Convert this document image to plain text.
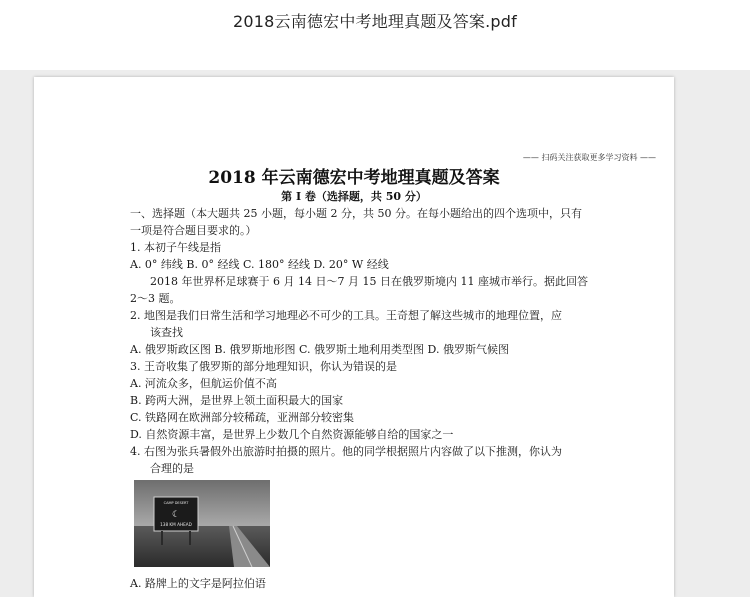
2018云南德宏中考地理真题及答案.pdf
—— 扫码关注获取更多学习资料 ——
2018 年云南德宏中考地理真题及答案
第 I 卷（选择题，共 50 分）
一、选择题（本大题共 25 小题，每小题 2 分，共 50 分。在每小题给出的四个选项中，只有
一项是符合题目要求的。）
1. 本初子午线是指
A. 0° 纬线 B. 0° 经线 C. 180° 经线 D. 20° W 经线
2018 年世界杯足球赛于 6 月 14 日～7 月 15 日在俄罗斯境内 11 座城市举行。据此回答
2～3 题。
2. 地图是我们日常生活和学习地理必不可少的工具。王奇想了解这些城市的地理位置，应
该查找
A. 俄罗斯政区图 B. 俄罗斯地形图 C. 俄罗斯土地利用类型图 D. 俄罗斯气候图
3. 王奇收集了俄罗斯的部分地理知识，你认为错误的是
A. 河流众多，但航运价值不高
B. 跨两大洲，是世界上领土面积最大的国家
C. 铁路网在欧洲部分较稀疏，亚洲部分较密集
D. 自然资源丰富，是世界上少数几个自然资源能够自给的国家之一
4. 右图为张兵暑假外出旅游时拍摄的照片。他的同学根据照片内容做了以下推测，你认为
合理的是
CAMP DESERT
☾
138 KM AHEAD
A. 路牌上的文字是阿拉伯语
